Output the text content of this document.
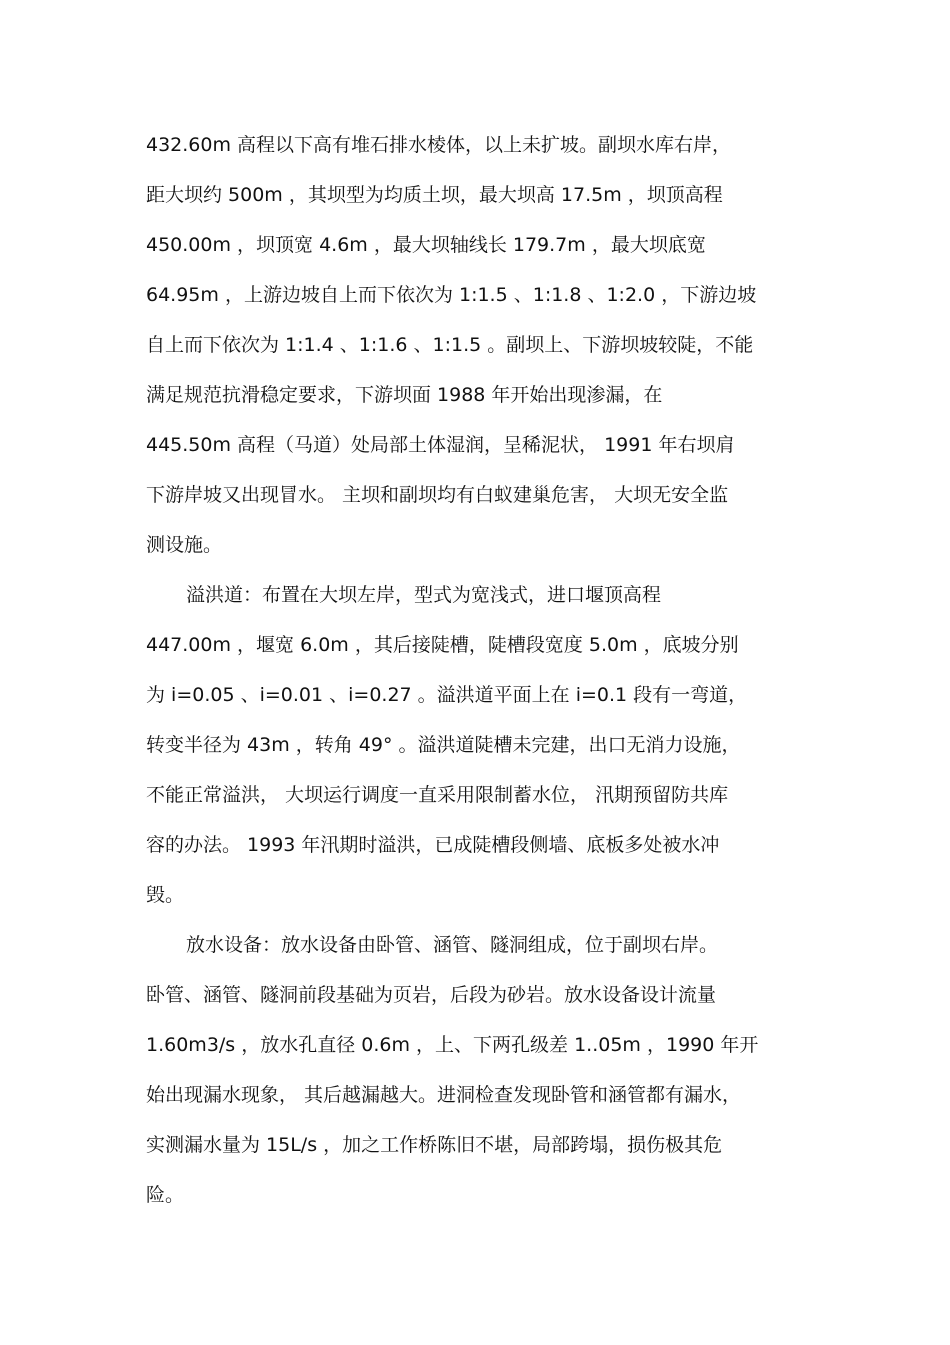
432.60m 高程以下高有堆石排水棱体，以上未扩坡。副坝水库右岸，
距大坝约 500m ，其坝型为均质土坝，最大坝高 17.5m ，坝顶高程
450.00m ，坝顶宽 4.6m ，最大坝轴线长 179.7m ，最大坝底宽
64.95m ，上游边坡自上而下依次为 1:1.5 、1:1.8 、1:2.0 ，下游边坡
自上而下依次为 1:1.4 、1:1.6 、1:1.5 。副坝上、下游坝坡较陡，不能
满足规范抗滑稳定要求，下游坝面 1988 年开始出现渗漏，在
445.50m 高程（马道）处局部土体湿润，呈稀泥状， 1991 年右坝肩
下游岸坡又出现冒水。 主坝和副坝均有白蚁建巢危害， 大坝无安全监
测设施。
溢洪道：布置在大坝左岸，型式为宽浅式，进口堰顶高程
447.00m ，堰宽 6.0m ，其后接陡槽，陡槽段宽度 5.0m ，底坡分别
为 i=0.05 、i=0.01 、i=0.27 。溢洪道平面上在 i=0.1 段有一弯道，
转变半径为 43m ，转角 49° 。溢洪道陡槽未完建，出口无消力设施，
不能正常溢洪， 大坝运行调度一直采用限制蓄水位， 汛期预留防共库
容的办法。 1993 年汛期时溢洪，已成陡槽段侧墙、底板多处被水冲
毁。
放水设备：放水设备由卧管、涵管、隧洞组成，位于副坝右岸。
卧管、涵管、隧洞前段基础为页岩，后段为砂岩。放水设备设计流量
1.60m3/s ，放水孔直径 0.6m ，上、下两孔级差 1..05m ，1990 年开
始出现漏水现象， 其后越漏越大。进洞检查发现卧管和涵管都有漏水，
实测漏水量为 15L/s ，加之工作桥陈旧不堪，局部跨塌，损伤极其危
险。
